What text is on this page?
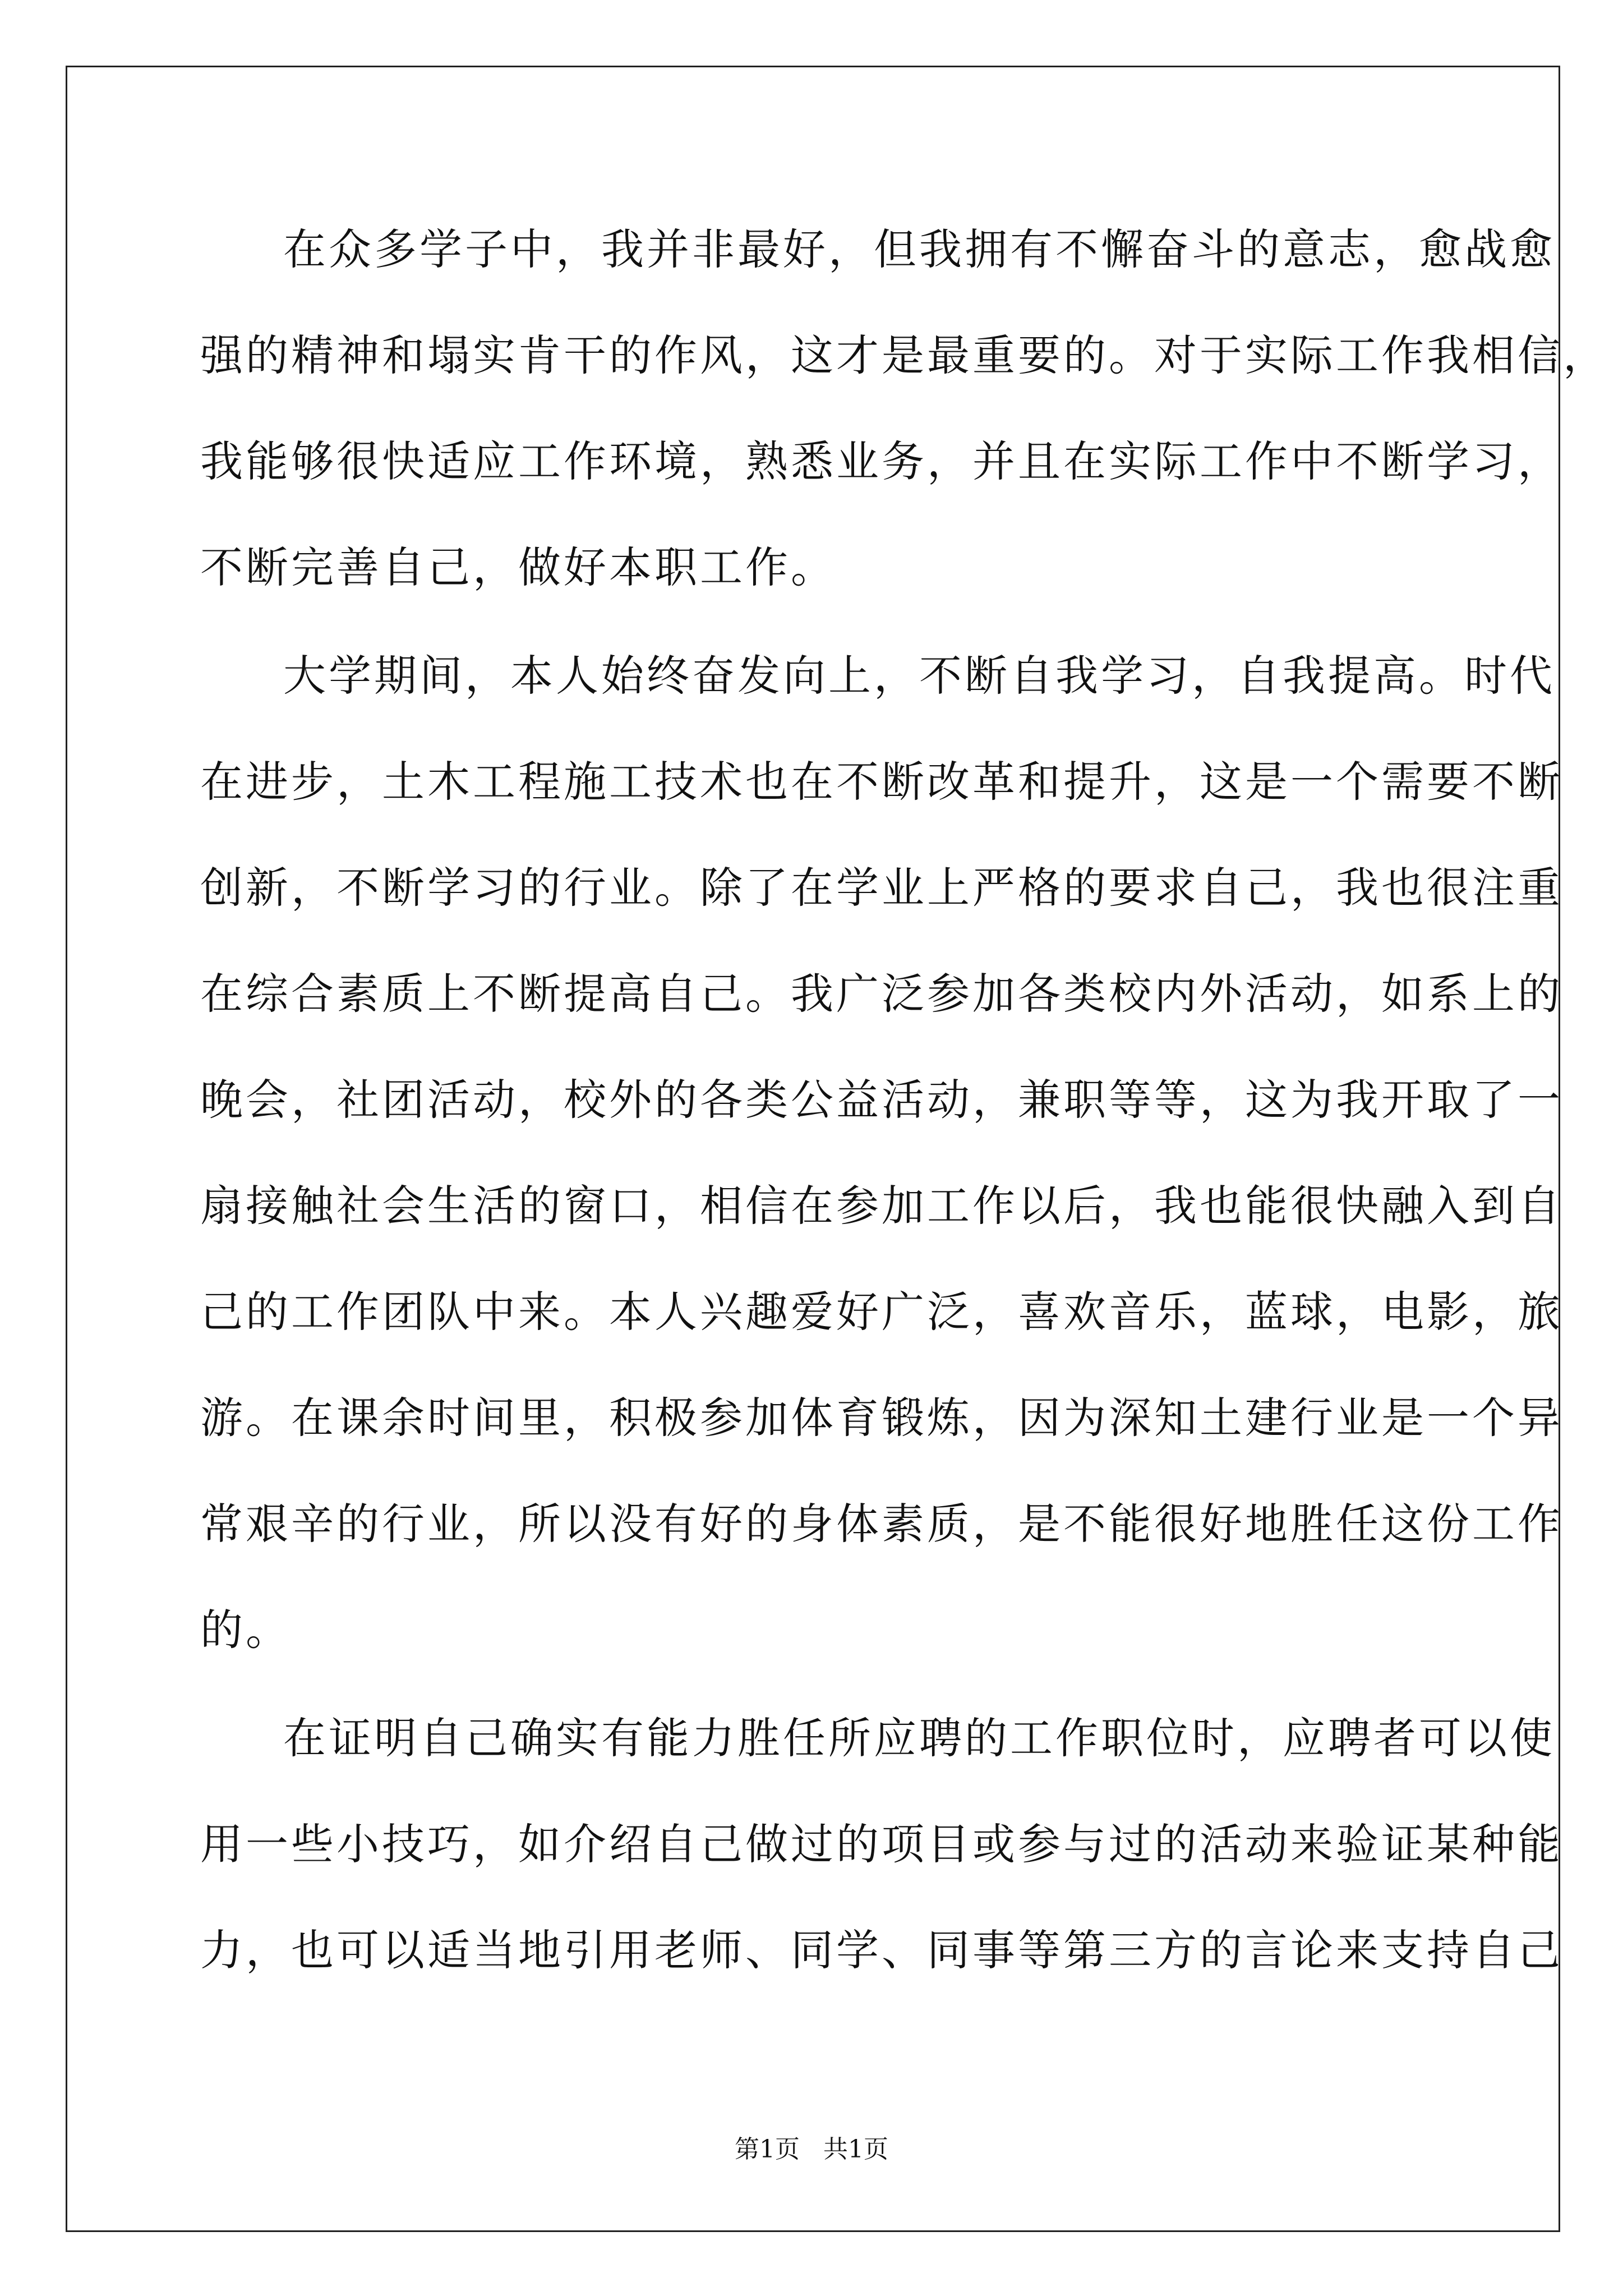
在众多学子中，我并非最好，但我拥有不懈奋斗的意志，愈战愈
强的精神和塌实肯干的作风，这才是最重要的。对于实际工作我相信，
我能够很快适应工作环境，熟悉业务，并且在实际工作中不断学习，
不断完善自己，做好本职工作。
大学期间，本人始终奋发向上，不断自我学习，自我提高。时代
在进步，土木工程施工技术也在不断改革和提升，这是一个需要不断
创新，不断学习的行业。除了在学业上严格的要求自己，我也很注重
在综合素质上不断提高自己。我广泛参加各类校内外活动，如系上的
晚会，社团活动，校外的各类公益活动，兼职等等，这为我开取了一
扇接触社会生活的窗口，相信在参加工作以后，我也能很快融入到自
己的工作团队中来。本人兴趣爱好广泛，喜欢音乐，蓝球，电影，旅
游。在课余时间里，积极参加体育锻炼，因为深知土建行业是一个异
常艰辛的行业，所以没有好的身体素质，是不能很好地胜任这份工作
的。
在证明自己确实有能力胜任所应聘的工作职位时，应聘者可以使
用一些小技巧，如介绍自己做过的项目或参与过的活动来验证某种能
力，也可以适当地引用老师、同学、同事等第三方的言论来支持自己
第1页   共1页
